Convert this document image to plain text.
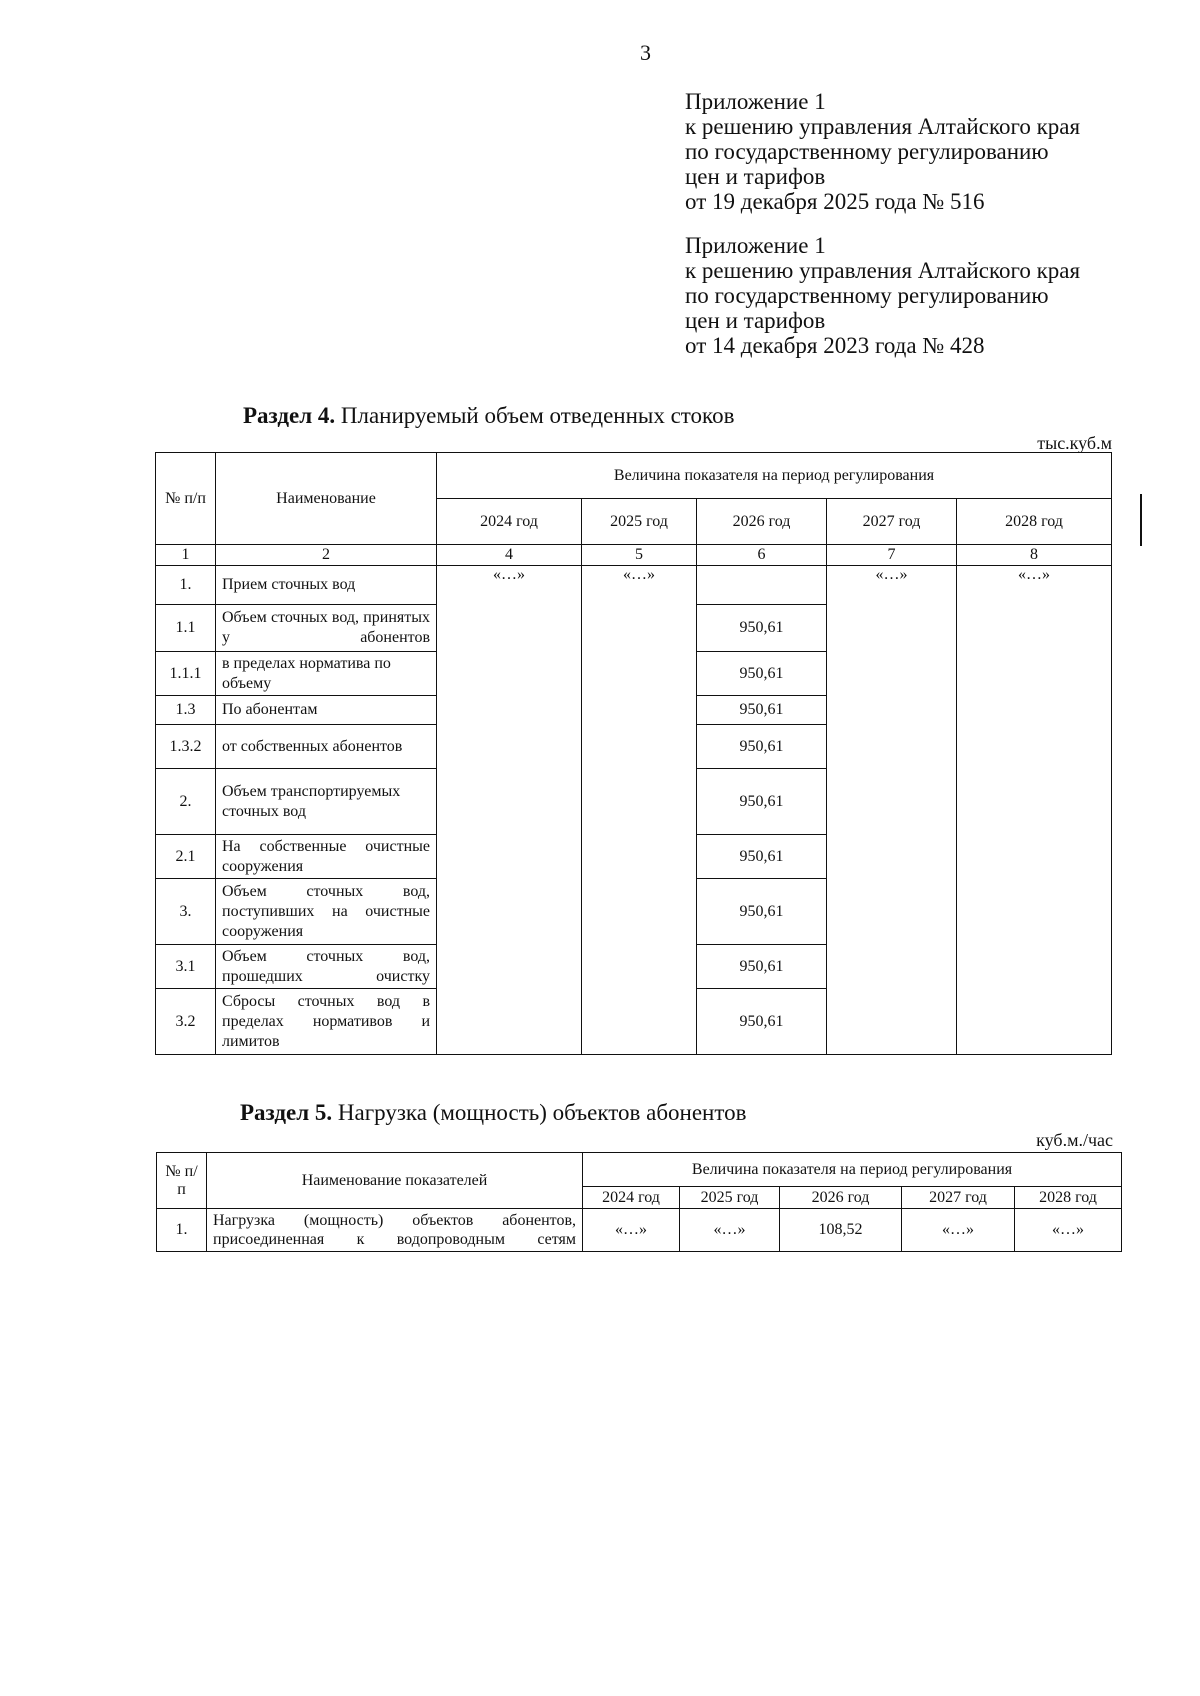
3
Приложение 1
к решению управления Алтайского края
по государственному регулированию
цен и тарифов
от 19 декабря 2025 года № 516
Приложение 1
к решению управления Алтайского края
по государственному регулированию
цен и тарифов
от 14 декабря 2023 года № 428
Раздел 4. Планируемый объем отведенных стоков
тыс.куб.м
№ п/п	Наименование	Величина показателя на период регулирования				
		2024 год	2025 год	2026 год	2027 год	2028 год
1	2	4	5	6	7	8
1.	Прием сточных вод	«…»	«…»		«…»	«…»
1.1	Объем сточных вод, принятых у абонентов			950,61		
1.1.1	в пределах норматива по объему			950,61		
1.3	По абонентам			950,61		
1.3.2	от собственных абонентов			950,61		
2.	Объем транспортируемых сточных вод			950,61		
2.1	На собственные очистные сооружения			950,61		
3.	Объем сточных вод, поступивших на очистные сооружения			950,61		
3.1	Объем сточных вод, прошедших очистку			950,61		
3.2	Сбросы сточных вод в пределах нормативов и лимитов			950,61		
Раздел 5. Нагрузка (мощность) объектов абонентов
куб.м./час
№ п/п	Наименование показателей	Величина показателя на период регулирования				
		2024 год	2025 год	2026 год	2027 год	2028 год
1.	Нагрузка (мощность) объектов абонентов, присоединенная к водопроводным сетям	«…»	«…»	108,52	«…»	«…»
